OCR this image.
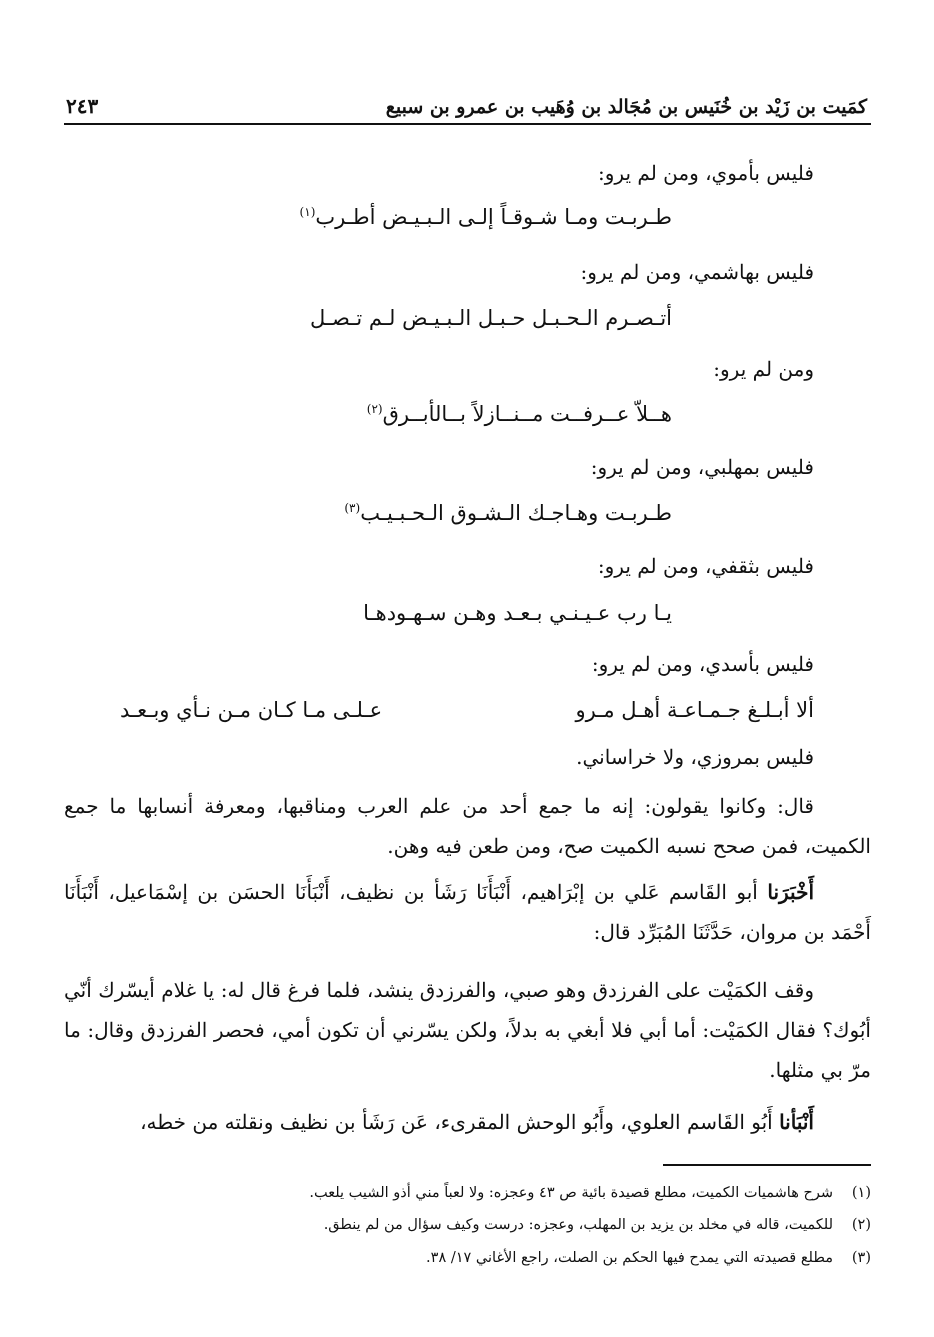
كمَيت بن زَيْد بن خُنَيس بن مُجَالد بن وُهَيب بن عمرو بن سبيع
٢٤٣
فليس بأموي، ومن لم يرو:
طـربـت ومـا شـوقـاً إلـى الـبـيـض أطـرب$^{(١)}$
فليس بهاشمي، ومن لم يرو:
أتـصـرم الـحـبـل حـبـل الـبـيـض لـم تـصـل
ومن لم يرو:
هــلاّ عــرفــت مــنــازلاً بــالأبــرق$^{(٢)}$
فليس بمهلبي، ومن لم يرو:
طـربـت وهـاجـك الـشـوق الـحـبـيـب$^{(٣)}$
فليس بثقفي، ومن لم يرو:
يـا رب عـيـنـي بـعـد وهـن سـهـودهـا
فليس بأسدي، ومن لم يرو:
ألا أبـلـغ جـمـاعـة أهـل مـرو
عـلـى مـا كـان مـن نـأي وبـعـد
فليس بمروزي، ولا خراساني.
قال: وكانوا يقولون: إنه ما جمع أحد من علم العرب ومناقبها، ومعرفة أنسابها ما جمع الكميت، فمن صحح نسبه الكميت صح، ومن طعن فيه وهن.
أَخْبَرَنا أبو القَاسم عَلي بن إبْرَاهيم، أَنْبَأَنَا رَشَأ بن نظيف، أَنْبَأَنَا الحسَن بن إسْمَاعيل، أَنْبَأَنَا أَحْمَد بن مروان، حَدَّثَنَا المُبَرِّد قال:
وقف الكمَيْت على الفرزدق وهو صبي، والفرزدق ينشد، فلما فرغ قال له: يا غلام أيسّرك أنّي أبُوك؟ فقال الكمَيْت: أما أبي فلا أبغي به بدلاً، ولكن يسّرني أن تكون أمي، فحصر الفرزدق وقال: ما مرّ بي مثلها.
أَنْبَأنا أَبُو القَاسم العلوي، وأَبُو الوحش المقرىء، عَن رَشَأ بن نظيف ونقلته من خطه،
(١)شرح هاشميات الكميت، مطلع قصيدة بائية ص ٤٣ وعجزه: ولا لعباً مني أذو الشيب يلعب.
(٢)للكميت، قاله في مخلد بن يزيد بن المهلب، وعجزه: درست وكيف سؤال من لم ينطق.
(٣)مطلع قصيدته التي يمدح فيها الحكم بن الصلت، راجع الأغاني ١٧/ ٣٨.
